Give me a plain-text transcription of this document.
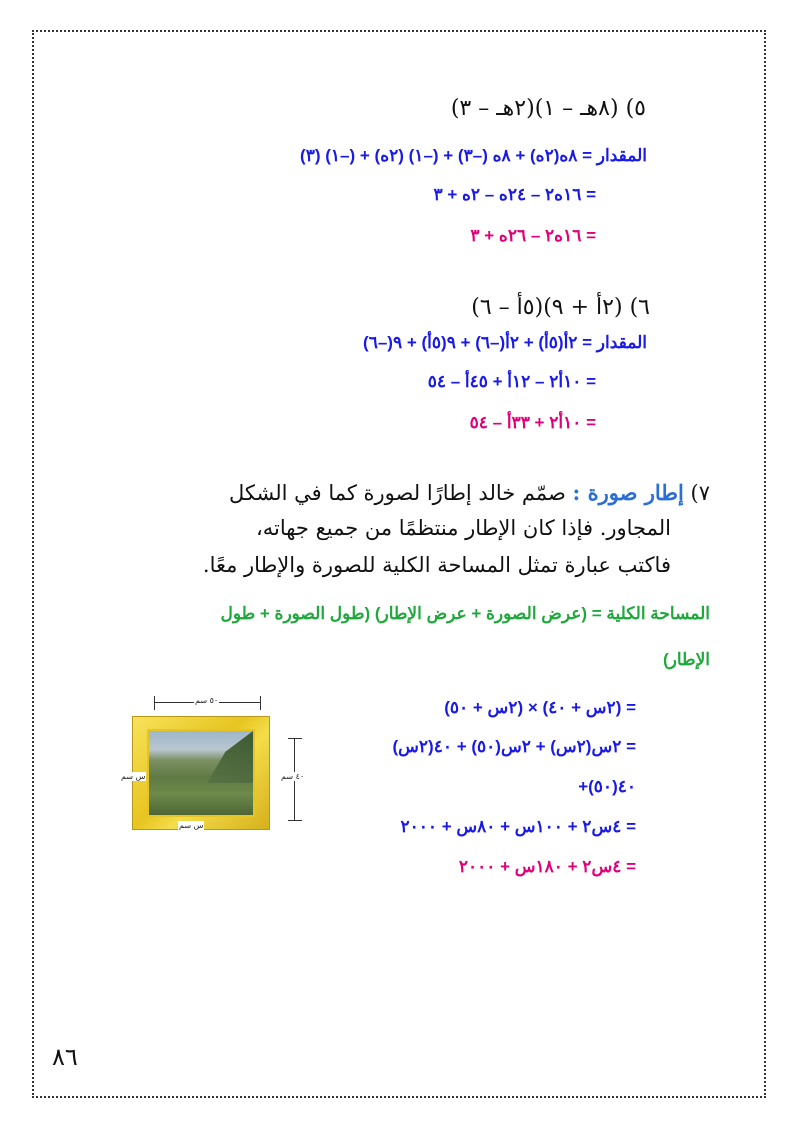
٥) (٨هـ – ١)(٢هـ – ٣)
المقدار = ٨ه(٢ه) + ٨ه (–٣) + (–١) (٢ه) + (–١) (٣)
= ١٦ه٢ – ٢٤ه – ٢ه + ٣
= ١٦ه٢ – ٢٦ه + ٣
٦) (٢أ + ٩)(٥أ – ٦)
المقدار = ٢أ(٥أ) + ٢أ(–٦) + ٩(٥أ) + ٩(–٦)
= ١٠أ٢ – ١٢أ + ٤٥أ – ٥٤
= ١٠أ٢ + ٣٣أ – ٥٤
٧) إطار صورة : صمّم خالد إطارًا لصورة كما في الشكل
المجاور. فإذا كان الإطار منتظمًا من جميع جهاته،
فاكتب عبارة تمثل المساحة الكلية للصورة والإطار معًا.
المساحة الكلية = (عرض الصورة + عرض الإطار) (طول الصورة + طول
الإطار)
= (٢س + ٤٠) × (٢س + ٥٠)
= ٢س(٢س) + ٢س(٥٠) + ٤٠(٢س)
+٤٠(٥٠)
= ٤س٢ + ١٠٠س + ٨٠س + ٢٠٠٠
= ٤س٢ + ١٨٠س + ٢٠٠٠
٥٠ سم
٤٠ سم
س سم
س سم
٨٦
